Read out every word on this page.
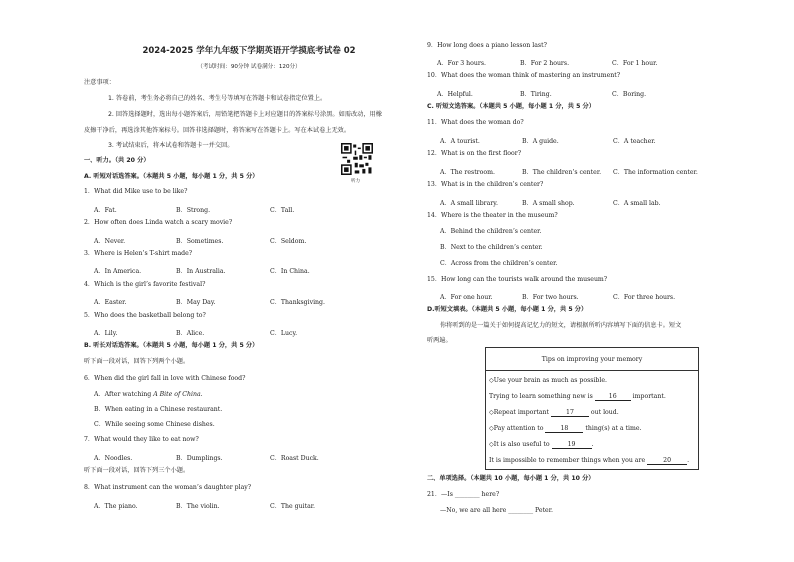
2024-2025 学年九年级下学期英语开学摸底考试卷 02
（考试时间：90分钟 试卷满分：120分）
注意事项：
1. 答卷前，考生务必将自己的姓名、考生号等填写在答题卡和试卷指定位置上。
2. 回答选择题时，选出每小题答案后，用铅笔把答题卡上对应题目的答案标号涂黑。如需改动，用橡
皮擦干净后，再选涂其他答案标号。回答非选择题时，将答案写在答题卡上。写在本试卷上无效。
3. 考试结束后，将本试卷和答题卡一并交回。
听力
一、听力。（共 20 分）
A. 听短对话选答案。（本题共 5 小题，每小题 1 分，共 5 分）
1．What did Mike use to be like?
A．Fat.	B．Strong.	C．Tall.
2．How often does Linda watch a scary movie?
A．Never.	B．Sometimes.	C．Seldom.
3．Where is Helen’s T-shirt made?
A．In America.	B．In Australia.	C．In China.
4．Which is the girl’s favorite festival?
A．Easter.	B．May Day.	C．Thanksgiving.
5．Who does the basketball belong to?
A．Lily.	B．Alice.	C．Lucy.
B. 听长对话选答案。（本题共 5 小题，每小题 1 分，共 5 分）
听下面一段对话，回答下列两个小题。
6．When did the girl fall in love with Chinese food?
A．After watching A Bite of China.
B．When eating in a Chinese restaurant.
C．While seeing some Chinese dishes.
7．What would they like to eat now?
A．Noodles.	B．Dumplings.	C．Roast Duck.
听下面一段对话，回答下列三个小题。
8．What instrument can the woman’s daughter play?
A．The piano.	B．The violin.	C．The guitar.
9．How long does a piano lesson last?
A．For 3 hours.	B．For 2 hours.	C．For 1 hour.
10．What does the woman think of mastering an instrument?
A．Helpful.	B．Tiring.	C．Boring.
C. 听短文选答案。（本题共 5 小题，每小题 1 分，共 5 分）
11．What does the woman do?
A．A tourist.	B．A guide.	C．A teacher.
12．What is on the first floor?
A．The restroom.	B．The children’s center. C．The information center.
13．What is in the children’s center?
A．A small library.	B．A small shop.	C．A small lab.
14．Where is the theater in the museum?
A．Behind the children’s center.
B．Next to the children’s center.
C．Across from the children’s center.
15．How long can the tourists walk around the museum?
A．For one hour.	B．For two hours.	C．For three hours.
D.听短文填表。（本题共 5 小题，每小题 1 分，共 5 分）
你将听到的是一篇关于如何提高记忆力的短文，请根据所听内容填写下面的信息卡。短文
听两遍。
Tips on improving your memory
◇Use your brain as much as possible.
Trying to learn something new is 16 important.
◇Repeat important 17 out loud.
◇Pay attention to 18 thing(s) at a time.
◇It is also useful to	19	.
It is impossible to remember things when you are	20	.
二、单项选择。（本题共 10 小题，每小题 1 分，共 10 分）
21．—Is ________ here?
—No, we are all here ________ Peter.
